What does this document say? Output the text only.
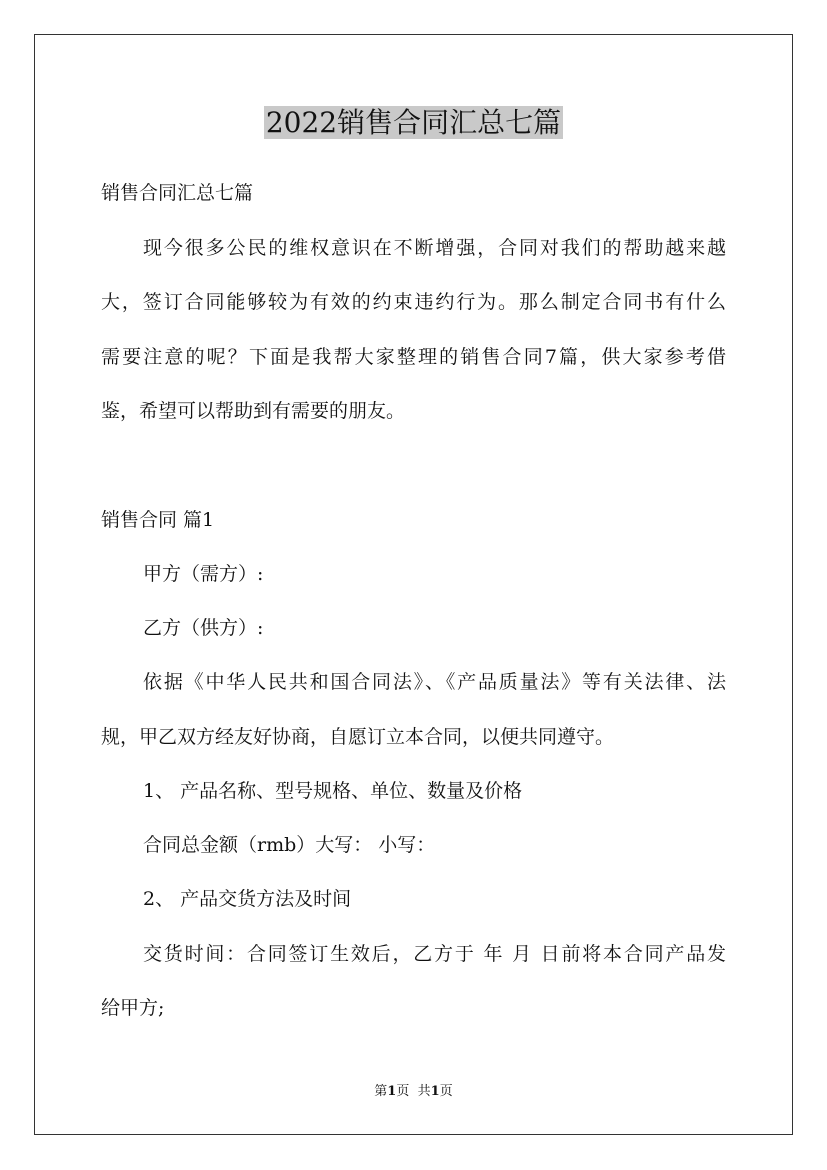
2022销售合同汇总七篇

销售合同汇总七篇

现今很多公民的维权意识在不断增强，合同对我们的帮助越来越

大，签订合同能够较为有效的约束违约行为。那么制定合同书有什么

需要注意的呢？下面是我帮大家整理的销售合同7篇，供大家参考借

鉴，希望可以帮助到有需要的朋友。

销售合同 篇1

甲方（需方）:

乙方（供方）:

依据《中华人民共和国合同法》、《产品质量法》等有关法律、法

规，甲乙双方经友好协商，自愿订立本合同，以便共同遵守。

1、 产品名称、型号规格、单位、数量及价格

合同总金额（rmb）大写： 小写：

2、 产品交货方法及时间

交货时间：合同签订生效后，乙方于 年 月 日前将本合同产品发

给甲方;

第1页 共1页
